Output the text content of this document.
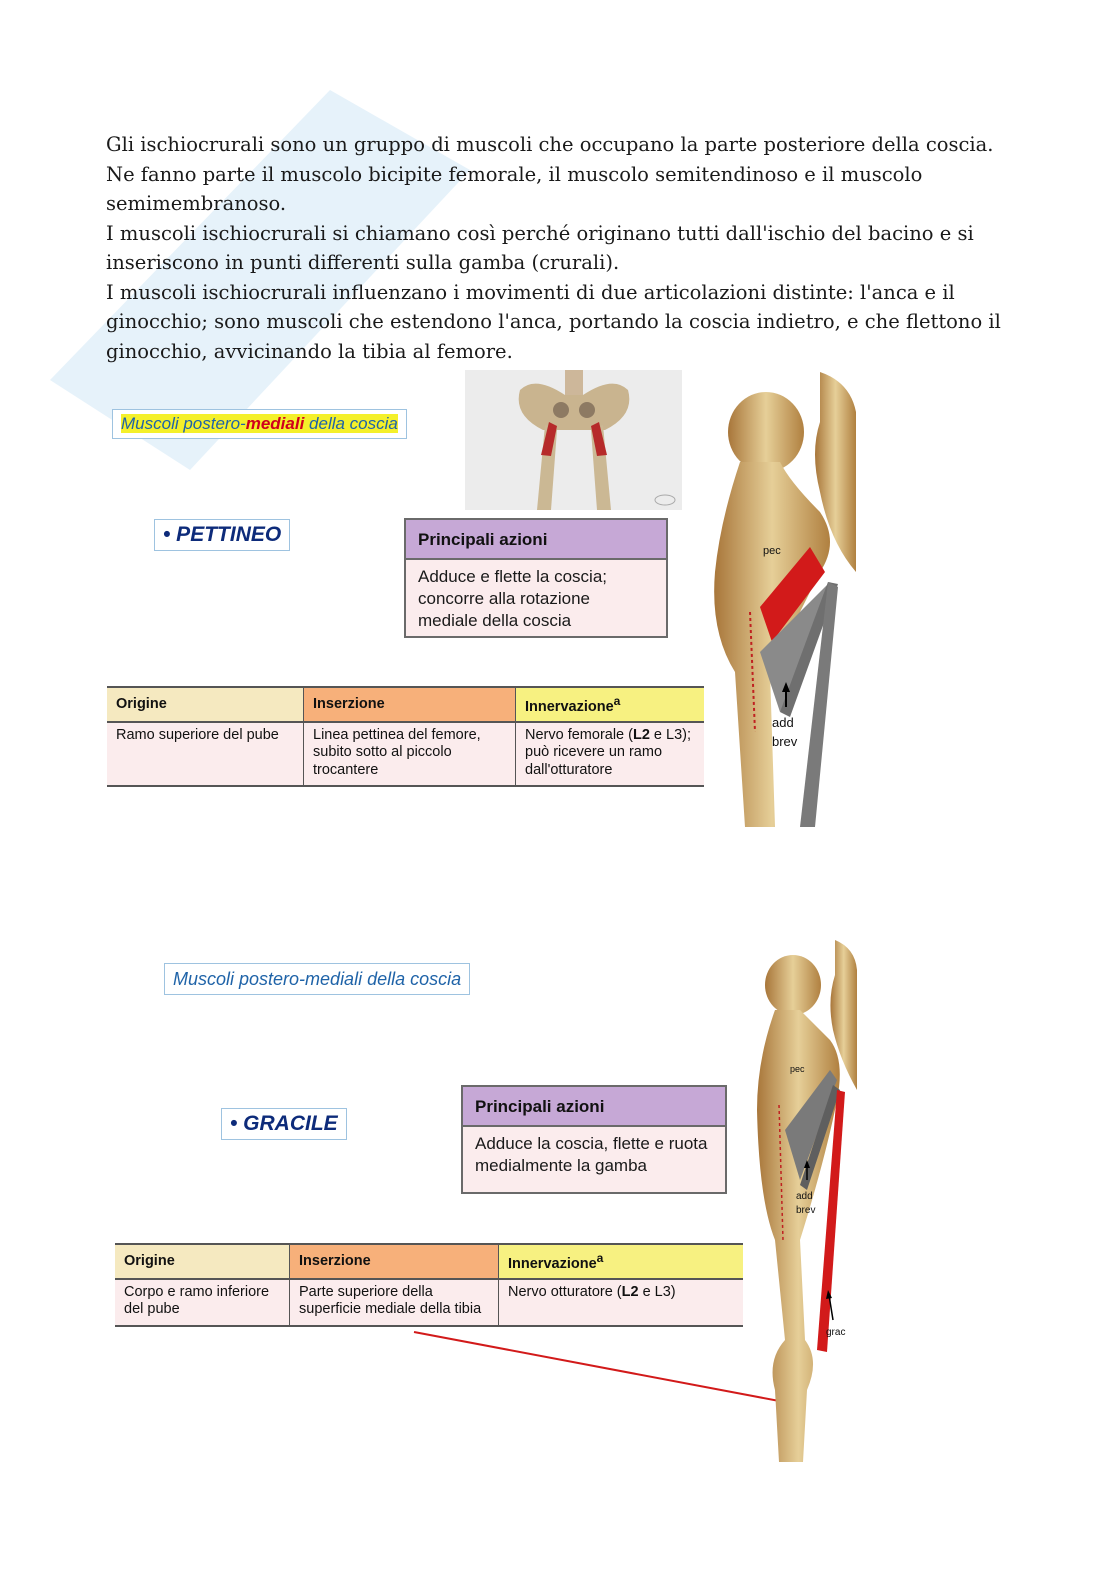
Gli ischiocrurali sono un gruppo di muscoli che occupano la parte posteriore della coscia. Ne fanno parte il muscolo bicipite femorale, il muscolo semitendinoso e il muscolo semimembranoso.

I muscoli ischiocrurali si chiamano così perché originano tutti dall'ischio del bacino e si inseriscono in punti differenti sulla gamba (crurali).

I muscoli ischiocrurali influenzano i movimenti di due articolazioni distinte: l'anca e il ginocchio; sono muscoli che estendono l'anca, portando la coscia indietro, e che flettono il ginocchio, avvicinando la tibia al femore.

Muscoli postero-mediali della coscia
• PETTINEO	Principali azioni
Adduce e flette la coscia; concorre alla rotazione mediale della coscia
Origine	Inserzione	Innervazione$^a$
Ramo superiore del pube	Linea pettinea del femore, subito sotto al piccolo trocantere	Nervo femorale (L2 e L3); può ricevere un ramo dall'otturatore
pec
add
brev
Muscoli postero-mediali della coscia
• GRACILE
Principali azioni
Adduce la coscia, flette e ruota medialmente la gamba
Origine	Inserzione	Innervazione$^a$
Corpo e ramo inferiore del pube	Parte superiore della superficie mediale della tibia	Nervo otturatore (L2 e L3)
pec
add
brev
grac
